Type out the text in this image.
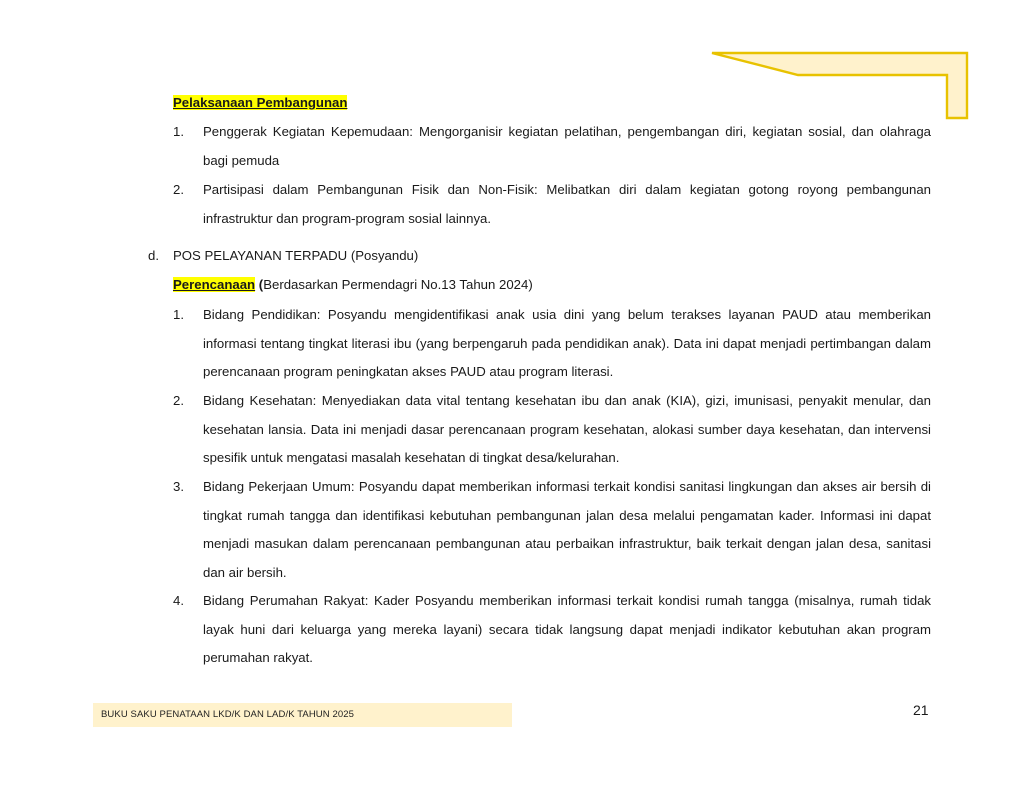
Pelaksanaan Pembangunan
1.	Penggerak Kegiatan Kepemudaan: Mengorganisir kegiatan pelatihan, pengembangan diri, kegiatan sosial, dan olahraga bagi pemuda
2.	Partisipasi dalam Pembangunan Fisik dan Non-Fisik: Melibatkan diri dalam kegiatan gotong royong pembangunan infrastruktur dan program-program sosial lainnya.
d. POS PELAYANAN TERPADU (Posyandu)
Perencanaan (Berdasarkan Permendagri No.13 Tahun 2024)
1.	Bidang Pendidikan: Posyandu mengidentifikasi anak usia dini yang belum terakses layanan PAUD atau memberikan informasi tentang tingkat literasi ibu (yang berpengaruh pada pendidikan anak). Data ini dapat menjadi pertimbangan dalam perencanaan program peningkatan akses PAUD atau program literasi.
2.	Bidang Kesehatan: Menyediakan data vital tentang kesehatan ibu dan anak (KIA), gizi, imunisasi, penyakit menular, dan kesehatan lansia. Data ini menjadi dasar perencanaan program kesehatan, alokasi sumber daya kesehatan, dan intervensi spesifik untuk mengatasi masalah kesehatan di tingkat desa/kelurahan.
3.	Bidang Pekerjaan Umum: Posyandu dapat memberikan informasi terkait kondisi sanitasi lingkungan dan akses air bersih di tingkat rumah tangga dan identifikasi kebutuhan pembangunan jalan desa melalui pengamatan kader. Informasi ini dapat menjadi masukan dalam perencanaan pembangunan atau perbaikan infrastruktur, baik terkait dengan jalan desa, sanitasi dan air bersih.
4.	Bidang Perumahan Rakyat: Kader Posyandu memberikan informasi terkait kondisi rumah tangga (misalnya, rumah tidak layak huni dari keluarga yang mereka layani) secara tidak langsung dapat menjadi indikator kebutuhan akan program perumahan rakyat.
BUKU SAKU PENATAAN LKD/K DAN LAD/K TAHUN 2025	21
